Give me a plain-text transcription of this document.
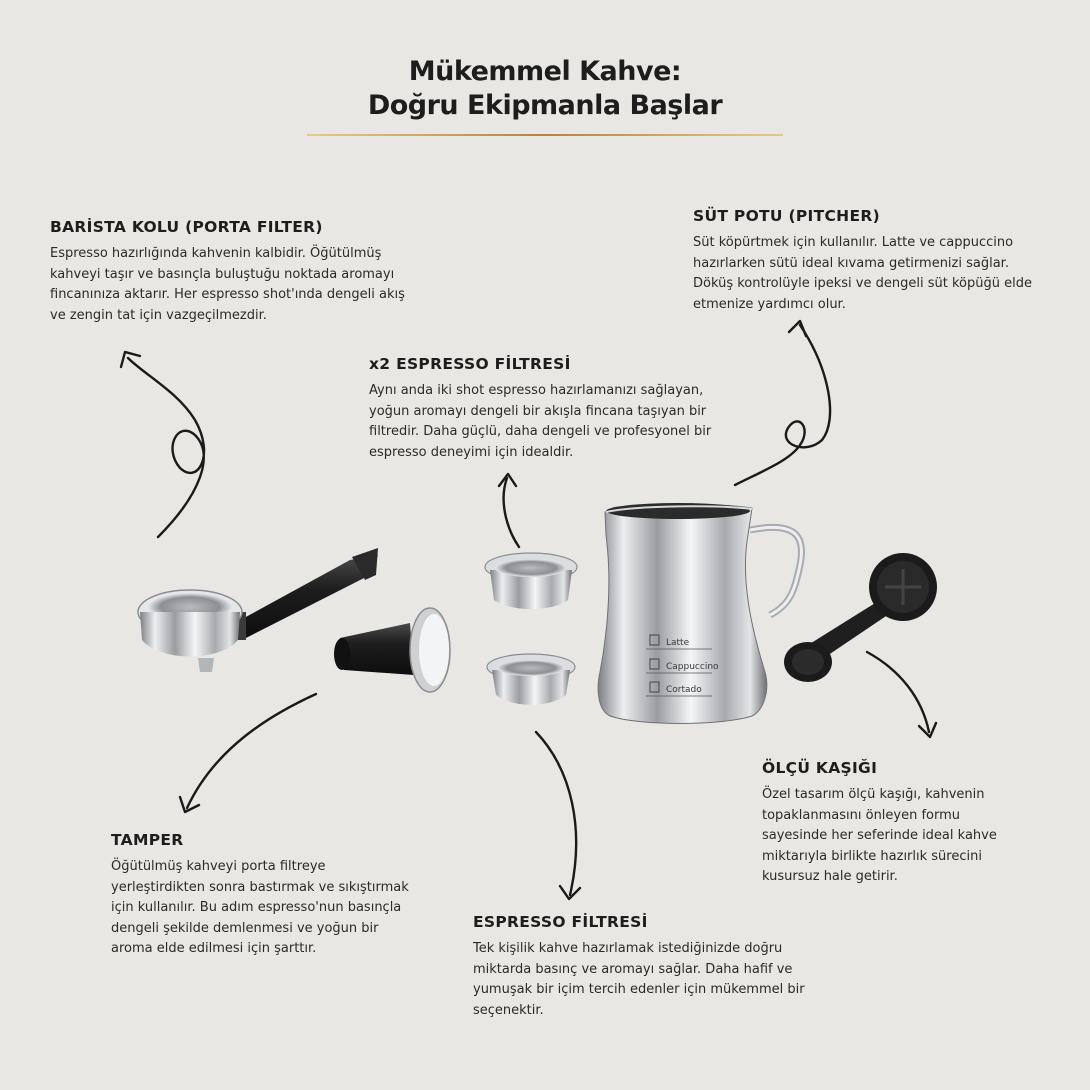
Mükemmel Kahve:
Doğru Ekipmanla Başlar
BARİSTA KOLU (PORTA FILTER)

Espresso hazırlığında kahvenin kalbidir. Öğütülmüş kahveyi taşır ve basınçla buluştuğu noktada aromayı fincanınıza aktarır. Her espresso shot'ında dengeli akış ve zengin tat için vazgeçilmezdir.

SÜT POTU (PITCHER)

Süt köpürtmek için kullanılır. Latte ve cappuccino hazırlarken sütü ideal kıvama getirmenizi sağlar. Döküş kontrolüyle ipeksi ve dengeli süt köpüğü elde etmenize yardımcı olur.

x2 ESPRESSO FİLTRESİ

Aynı anda iki shot espresso hazırlamanızı sağlayan, yoğun aromayı dengeli bir akışla fincana taşıyan bir filtredir. Daha güçlü, daha dengeli ve profesyonel bir espresso deneyimi için idealdir.

ÖLÇÜ KAŞIĞI

Özel tasarım ölçü kaşığı, kahvenin topaklanmasını önleyen formu sayesinde her seferinde ideal kahve miktarıyla birlikte hazırlık sürecini kusursuz hale getirir.

TAMPER

Öğütülmüş kahveyi porta filtreye yerleştirdikten sonra bastırmak ve sıkıştırmak için kullanılır. Bu adım espresso'nun basınçla dengeli şekilde demlenmesi ve yoğun bir aroma elde edilmesi için şarttır.

ESPRESSO FİLTRESİ

Tek kişilik kahve hazırlamak istediğinizde doğru miktarda basınç ve aromayı sağlar. Daha hafif ve yumuşak bir içim tercih edenler için mükemmel bir seçenektir.

Latte
Cappuccino
Cortado
